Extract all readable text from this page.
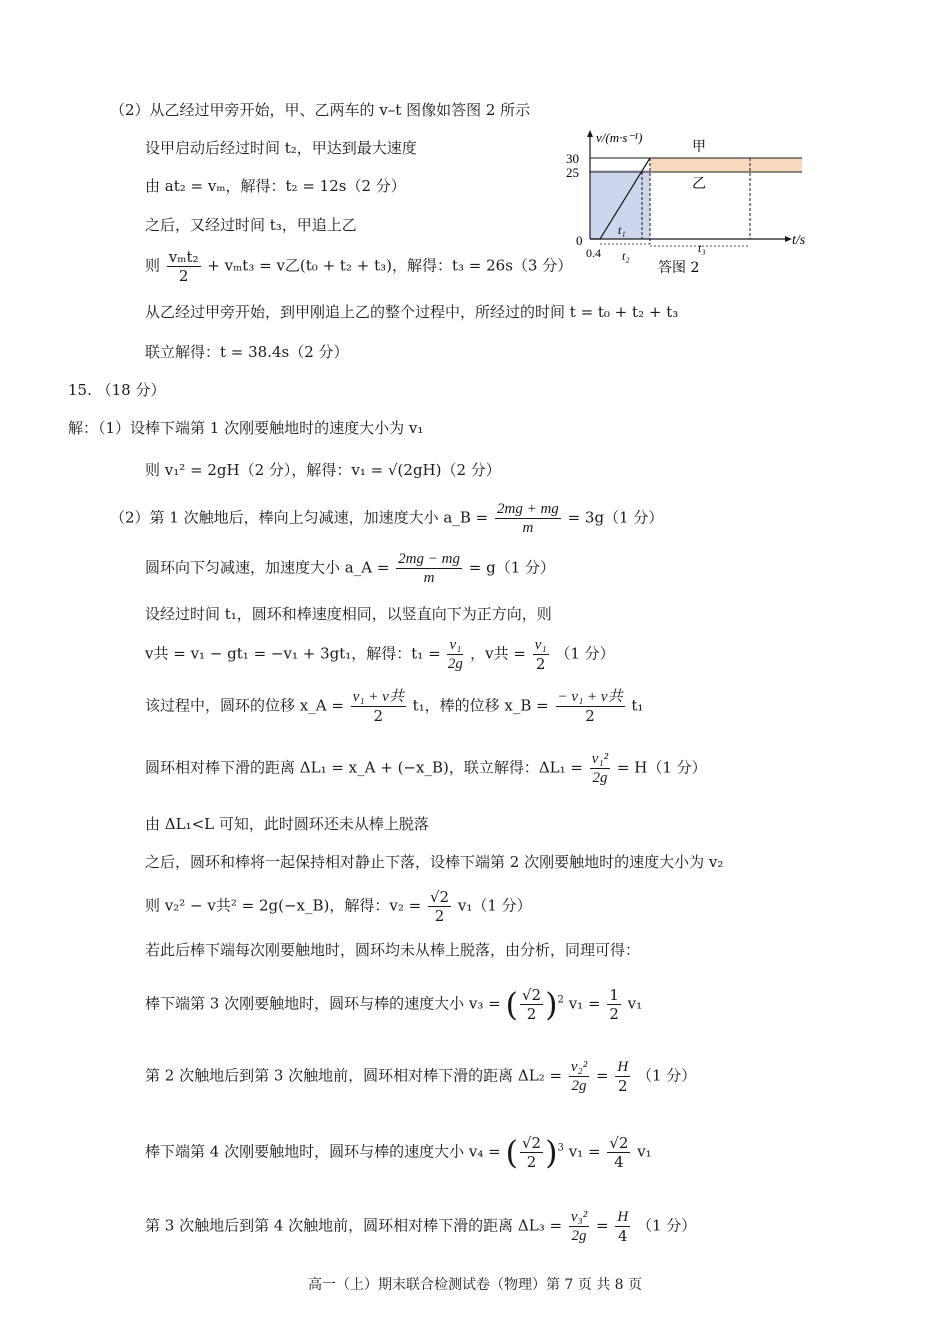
（2）从乙经过甲旁开始，甲、乙两车的 v–t 图像如答图 2 所示
设甲启动后经过时间 t₂，甲达到最大速度
由 at₂ = vₘ，解得：t₂ = 12s（2 分）
之后，又经过时间 t₃，甲追上乙
则 $\frac{\text{vₘt₂}}{2} + v_mt_3 = v$乙(t₀ + t₂ + t₃)，解得：t₃ = 26s（3 分）
从乙经过甲旁开始，到甲刚追上乙的整个过程中，所经过的时间 t = t₀ + t₂ + t₃
联立解得：t = 38.4s（2 分）
v/(m·s⁻¹)
30
25
0
0.4
甲
乙
t₁
t₂
t₃	t/s
答图 2
15. （18 分）
解：（1）设棒下端第 1 次刚要触地时的速度大小为 v₁
则 v₁² = 2gH（2 分），解得：v₁ = √(2gH)（2 分）
（2）第 1 次触地后，棒向上匀减速，加速度大小 a_B = $\frac{2mg + mg}{m} = 3g(1$ 分）
圆环向下匀减速，加速度大小 a_A = $\frac{2mg - mg}{m} = g(1$ 分）
设经过时间 t₁，圆环和棒速度相同，以竖直向下为正方向，则
v共 = v₁ − gt₁ = −v₁ + 3gt₁，解得：$t_1 = \frac{\text{v₁}}{2g}$ ，v共 = $\frac{\text{v₁}}{2} (1$ 分）
该过程中，圆环的位移 x_A = $\frac{\text{v₁ + v共}}{2} t_1$，棒的位移 x_B = $\frac{\text{− v₁ + v共}}{2} t_1$
圆环相对棒下滑的距离 ΔL₁ = x_A + (−x_B)，联立解得：$\Delta L_1 = \frac{\text{v₁²}}{2g} = H(1$ 分）
由 ΔL₁<L 可知，此时圆环还未从棒上脱落
之后，圆环和棒将一起保持相对静止下落，设棒下端第 2 次刚要触地时的速度大小为 v₂
则 v₂² − v共² = 2g(−x_B)，解得：$v_2 = \frac{√2}{2} v_1(1$ 分）
若此后棒下端每次刚要触地时，圆环均未从棒上脱落，由分析，同理可得：
棒下端第 3 次刚要触地时，圆环与棒的速度大小 v₃ = ( $\frac{√2}{2} )^2$ $v_1 = \frac{1}{2} v_1$
第 2 次触地后到第 3 次触地前，圆环相对棒下滑的距离 $\Delta L_2 = \frac{\text{v₂²}}{2g} = \frac{H}{2} (1$ 分）
棒下端第 4 次刚要触地时，圆环与棒的速度大小 v₄ = ( $\frac{√2}{2} )^3$ $v_1 = \frac{√2}{4} v_1$
第 3 次触地后到第 4 次触地前，圆环相对棒下滑的距离 $\Delta L_3 = \frac{\text{v₃²}}{2g} = \frac{H}{4} (1$ 分）
高一（上）期末联合检测试卷（物理）第 7 页 共 8 页
